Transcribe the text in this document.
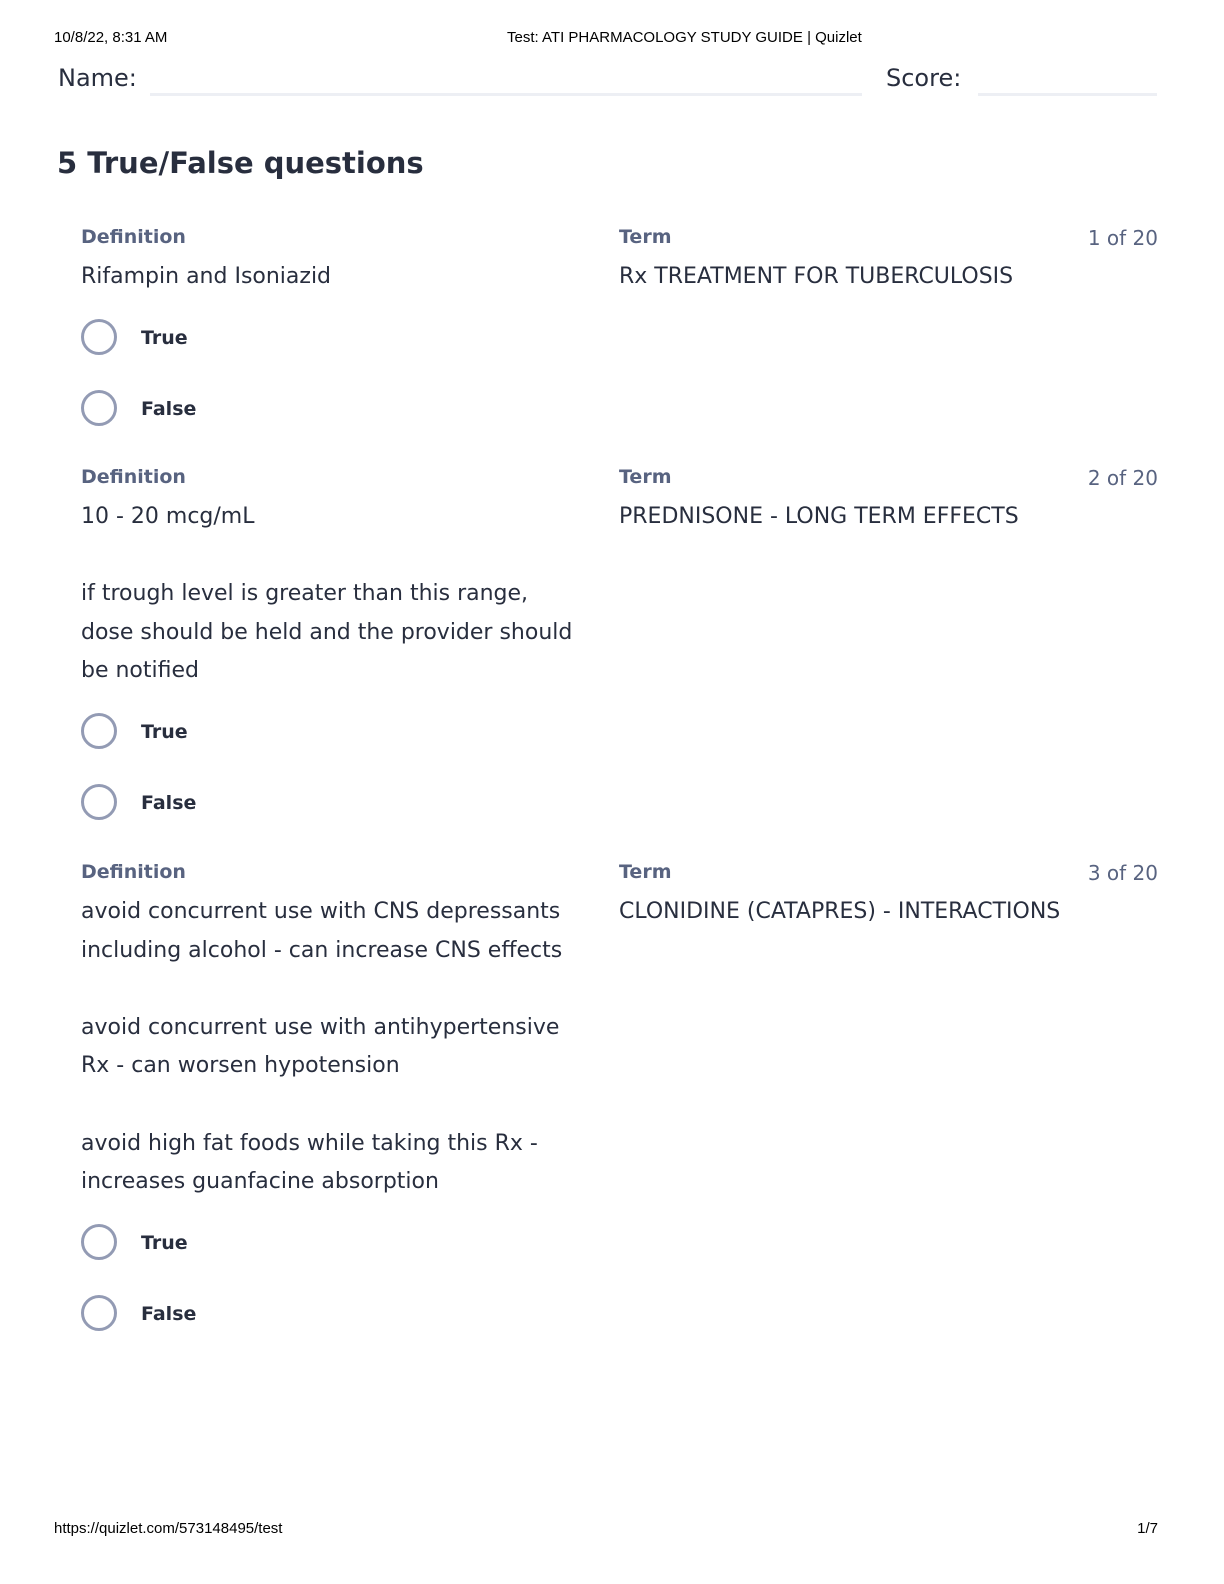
10/8/22, 8:31 AM	Test: ATI PHARMACOLOGY STUDY GUIDE | Quizlet
Name:	Score:
5 True/False questions
Definition	Term	1 of 20

Rifampin and Isoniazid	Rx TREATMENT FOR TUBERCULOSIS

True
False
Definition	Term	2 of 20

10 - 20 mcg/mL

if trough level is greater than this range, dose should be held and the provider should be notified

PREDNISONE - LONG TERM EFFECTS

True
False
Definition	Term	3 of 20

avoid concurrent use with CNS depressants including alcohol - can increase CNS effects

avoid concurrent use with antihypertensive Rx - can worsen hypotension

avoid high fat foods while taking this Rx - increases guanfacine absorption

CLONIDINE (CATAPRES) - INTERACTIONS

True
False
https://quizlet.com/573148495/test	1/7
